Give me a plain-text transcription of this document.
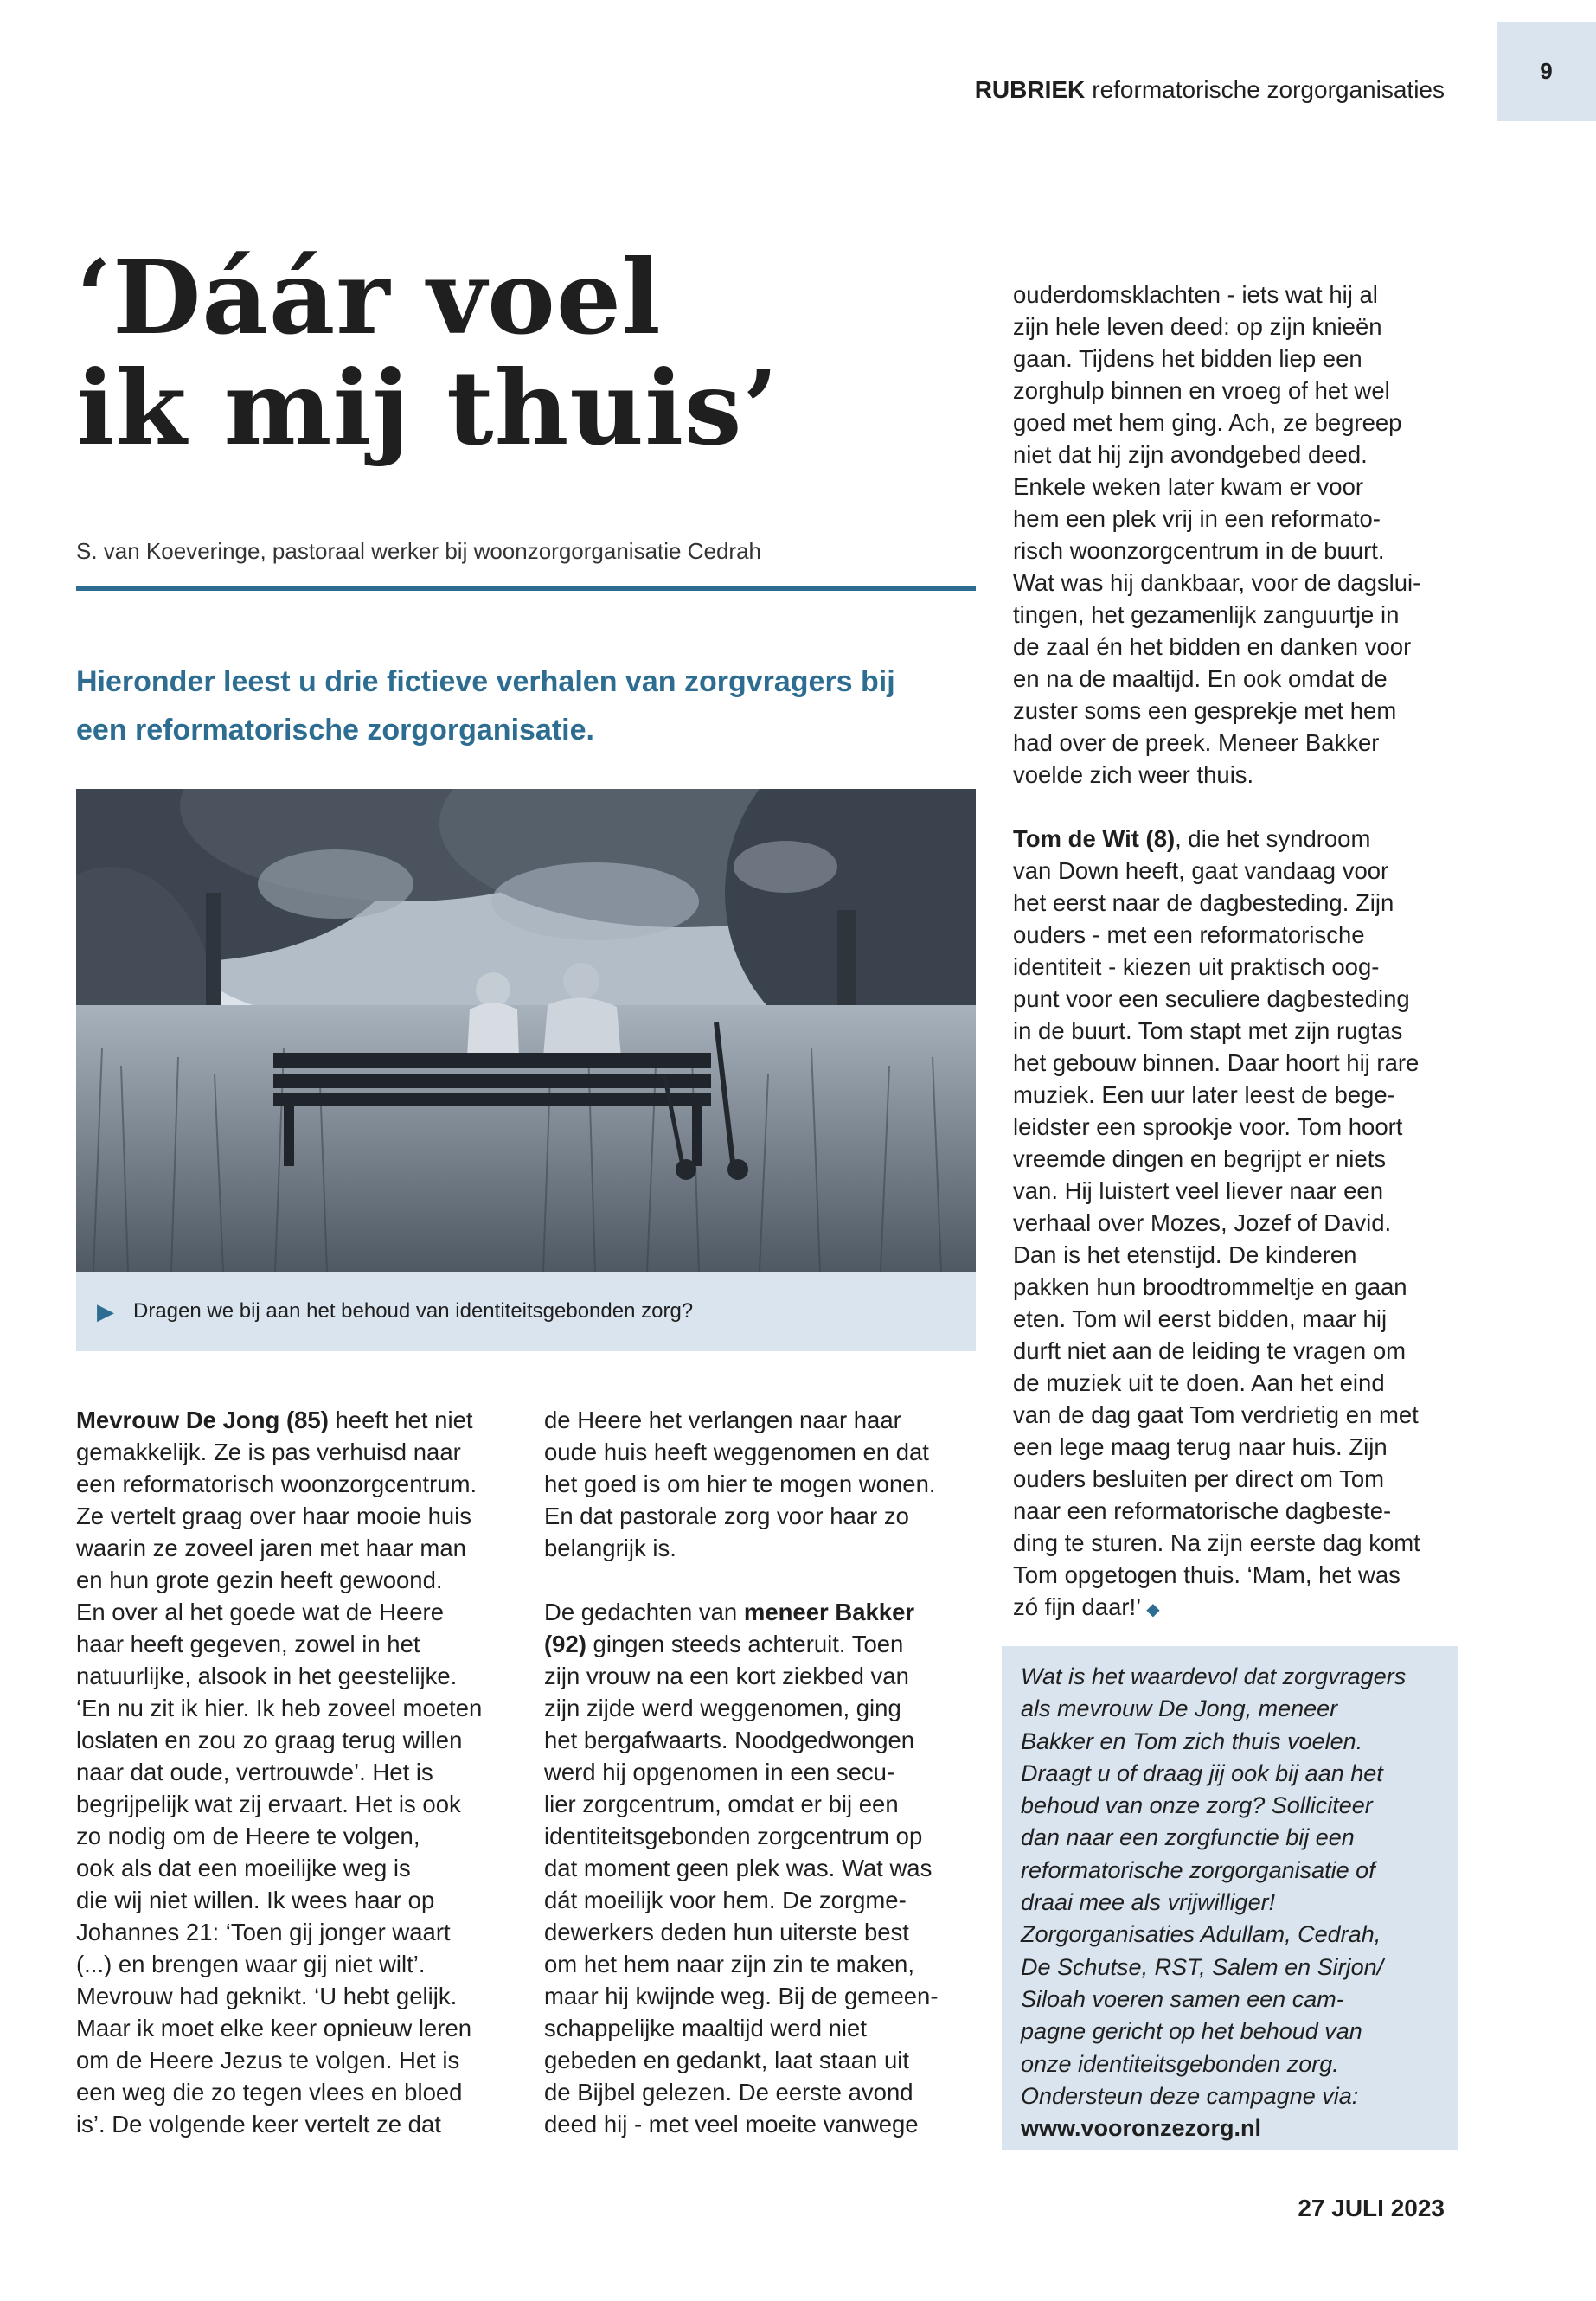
RUBRIEK reformatorische zorgorganisaties
9
‘Dáár voel
ik mij thuis’
S. van Koeveringe, pastoraal werker bij woonzorgorganisatie Cedrah

Hieronder leest u drie fictieve verhalen van zorgvragers bij
een reformatorische zorgorganisatie.

▶ Dragen we bij aan het behoud van identiteitsgebonden zorg?
Mevrouw De Jong (85) heeft het niet
gemakkelijk. Ze is pas verhuisd naar
een reformatorisch woonzorgcentrum.
Ze vertelt graag over haar mooie huis
waarin ze zoveel jaren met haar man
en hun grote gezin heeft gewoond.
En over al het goede wat de Heere
haar heeft gegeven, zowel in het
natuurlijke, alsook in het geestelijke.
‘En nu zit ik hier. Ik heb zoveel moeten
loslaten en zou zo graag terug willen
naar dat oude, vertrouwde’. Het is
begrijpelijk wat zij ervaart. Het is ook
zo nodig om de Heere te volgen,
ook als dat een moeilijke weg is
die wij niet willen. Ik wees haar op
Johannes 21: ‘Toen gij jonger waart
(...) en brengen waar gij niet wilt’.
Mevrouw had geknikt. ‘U hebt gelijk.
Maar ik moet elke keer opnieuw leren
om de Heere Jezus te volgen. Het is
een weg die zo tegen vlees en bloed
is’. De volgende keer vertelt ze dat
de Heere het verlangen naar haar
oude huis heeft weggenomen en dat
het goed is om hier te mogen wonen.
En dat pastorale zorg voor haar zo
belangrijk is.
De gedachten van meneer Bakker
(92) gingen steeds achteruit. Toen
zijn vrouw na een kort ziekbed van
zijn zijde werd weggenomen, ging
het bergafwaarts. Noodgedwongen
werd hij opgenomen in een secu-
lier zorgcentrum, omdat er bij een
identiteitsgebonden zorgcentrum op
dat moment geen plek was. Wat was
dát moeilijk voor hem. De zorgme-
dewerkers deden hun uiterste best
om het hem naar zijn zin te maken,
maar hij kwijnde weg. Bij de gemeen-
schappelijke maaltijd werd niet
gebeden en gedankt, laat staan uit
de Bijbel gelezen. De eerste avond
deed hij - met veel moeite vanwege
ouderdomsklachten - iets wat hij al
zijn hele leven deed: op zijn knieën
gaan. Tijdens het bidden liep een
zorghulp binnen en vroeg of het wel
goed met hem ging. Ach, ze begreep
niet dat hij zijn avondgebed deed.
Enkele weken later kwam er voor
hem een plek vrij in een reformato-
risch woonzorgcentrum in de buurt.
Wat was hij dankbaar, voor de dagslui-
tingen, het gezamenlijk zanguurtje in
de zaal én het bidden en danken voor
en na de maaltijd. En ook omdat de
zuster soms een gesprekje met hem
had over de preek. Meneer Bakker
voelde zich weer thuis.
Tom de Wit (8), die het syndroom
van Down heeft, gaat vandaag voor
het eerst naar de dagbesteding. Zijn
ouders - met een reformatorische
identiteit - kiezen uit praktisch oog-
punt voor een seculiere dagbesteding
in de buurt. Tom stapt met zijn rugtas
het gebouw binnen. Daar hoort hij rare
muziek. Een uur later leest de bege-
leidster een sprookje voor. Tom hoort
vreemde dingen en begrijpt er niets
van. Hij luistert veel liever naar een
verhaal over Mozes, Jozef of David.
Dan is het etenstijd. De kinderen
pakken hun broodtrommeltje en gaan
eten. Tom wil eerst bidden, maar hij
durft niet aan de leiding te vragen om
de muziek uit te doen. Aan het eind
van de dag gaat Tom verdrietig en met
een lege maag terug naar huis. Zijn
ouders besluiten per direct om Tom
naar een reformatorische dagbeste-
ding te sturen. Na zijn eerste dag komt
Tom opgetogen thuis. ‘Mam, het was
zó fijn daar!’ ◆
Wat is het waardevol dat zorgvragers
als mevrouw De Jong, meneer
Bakker en Tom zich thuis voelen.
Draagt u of draag jij ook bij aan het
behoud van onze zorg? Solliciteer
dan naar een zorgfunctie bij een
reformatorische zorgorganisatie of
draai mee als vrijwilliger!
Zorgorganisaties Adullam, Cedrah,
De Schutse, RST, Salem en Sirjon/
Siloah voeren samen een cam-
pagne gericht op het behoud van
onze identiteitsgebonden zorg.
Ondersteun deze campagne via:
www.vooronzezorg.nl
27 JULI 2023
